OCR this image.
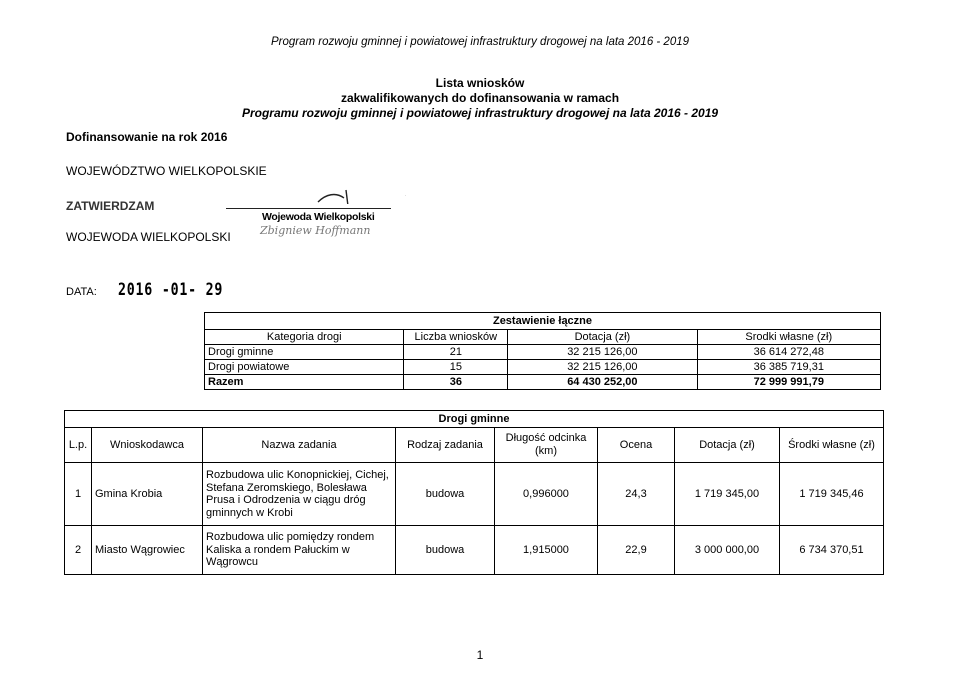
Program rozwoju gminnej i powiatowej infrastruktury drogowej na lata 2016 - 2019
Lista wniosków
zakwalifikowanych do dofinansowania w ramach
Programu rozwoju gminnej i powiatowej infrastruktury drogowej na lata 2016 - 2019
Dofinansowanie na rok 2016
WOJEWÓDZTWO WIELKOPOLSKIE
ZATWIERDZAM
WOJEWODA WIELKOPOLSKI
Wojewoda Wielkopolski
Zbigniew Hoffmann
DATA: 2016 -01- 29
Zestawienie łączne			
Kategoria drogi	Liczba wniosków	Dotacja (zł)	Srodki własne (zł)
Drogi gminne	21	32 215 126,00	36 614 272,48
Drogi powiatowe	15	32 215 126,00	36 385 719,31
Razem	36	64 430 252,00	72 999 991,79
Drogi gminne							
L.p.	Wnioskodawca	Nazwa zadania	Rodzaj zadania	Długość odcinka (km)	Ocena	Dotacja (zł)	Środki własne (zł)
1	Gmina Krobia	Rozbudowa ulic Konopnickiej, Cichej, Stefana Zeromskiego, Bolesława Prusa i Odrodzenia w ciągu dróg gminnych w Krobi	budowa	0,996000	24,3	1 719 345,00	1 719 345,46
2	Miasto Wągrowiec	Rozbudowa ulic pomiędzy rondem Kaliska a rondem Pałuckim w Wągrowcu	budowa	1,915000	22,9	3 000 000,00	6 734 370,51
1
